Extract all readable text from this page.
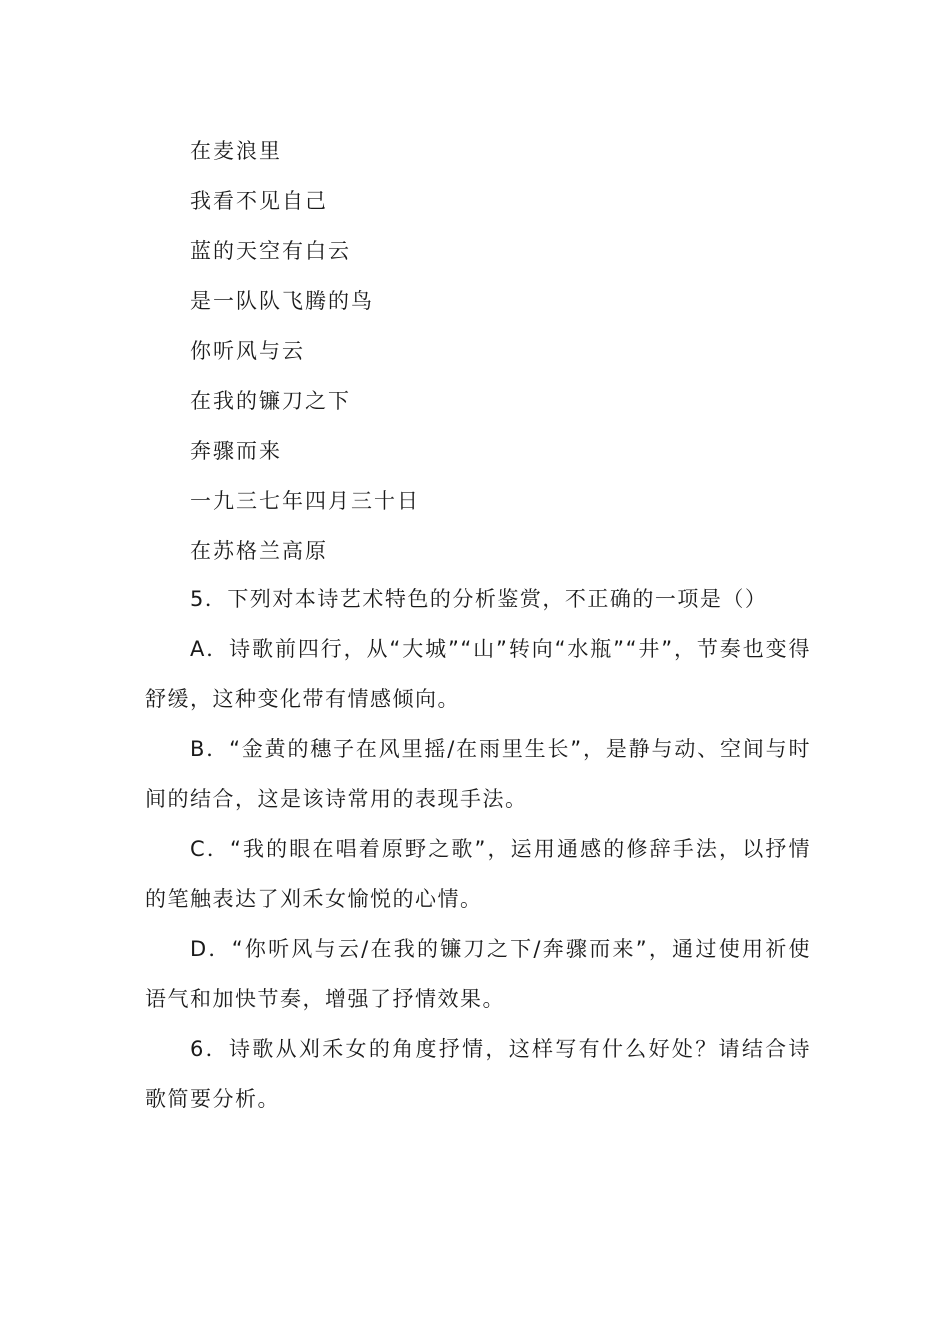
在麦浪里
我看不见自己
蓝的天空有白云
是一队队飞腾的鸟
你听风与云
在我的镰刀之下
奔骤而来
一九三七年四月三十日
在苏格兰高原

5．下列对本诗艺术特色的分析鉴赏，不正确的一项是（）

A．诗歌前四行，从“大城”“山”转向“水瓶”“井”，节奏也变得舒缓，这种变化带有情感倾向。

B．“金黄的穗子在风里摇/在雨里生长”，是静与动、空间与时间的结合，这是该诗常用的表现手法。

C．“我的眼在唱着原野之歌”，运用通感的修辞手法，以抒情的笔触表达了刈禾女愉悦的心情。

D．“你听风与云/在我的镰刀之下/奔骤而来”，通过使用祈使语气和加快节奏，增强了抒情效果。

6．诗歌从刈禾女的角度抒情，这样写有什么好处？请结合诗歌简要分析。
